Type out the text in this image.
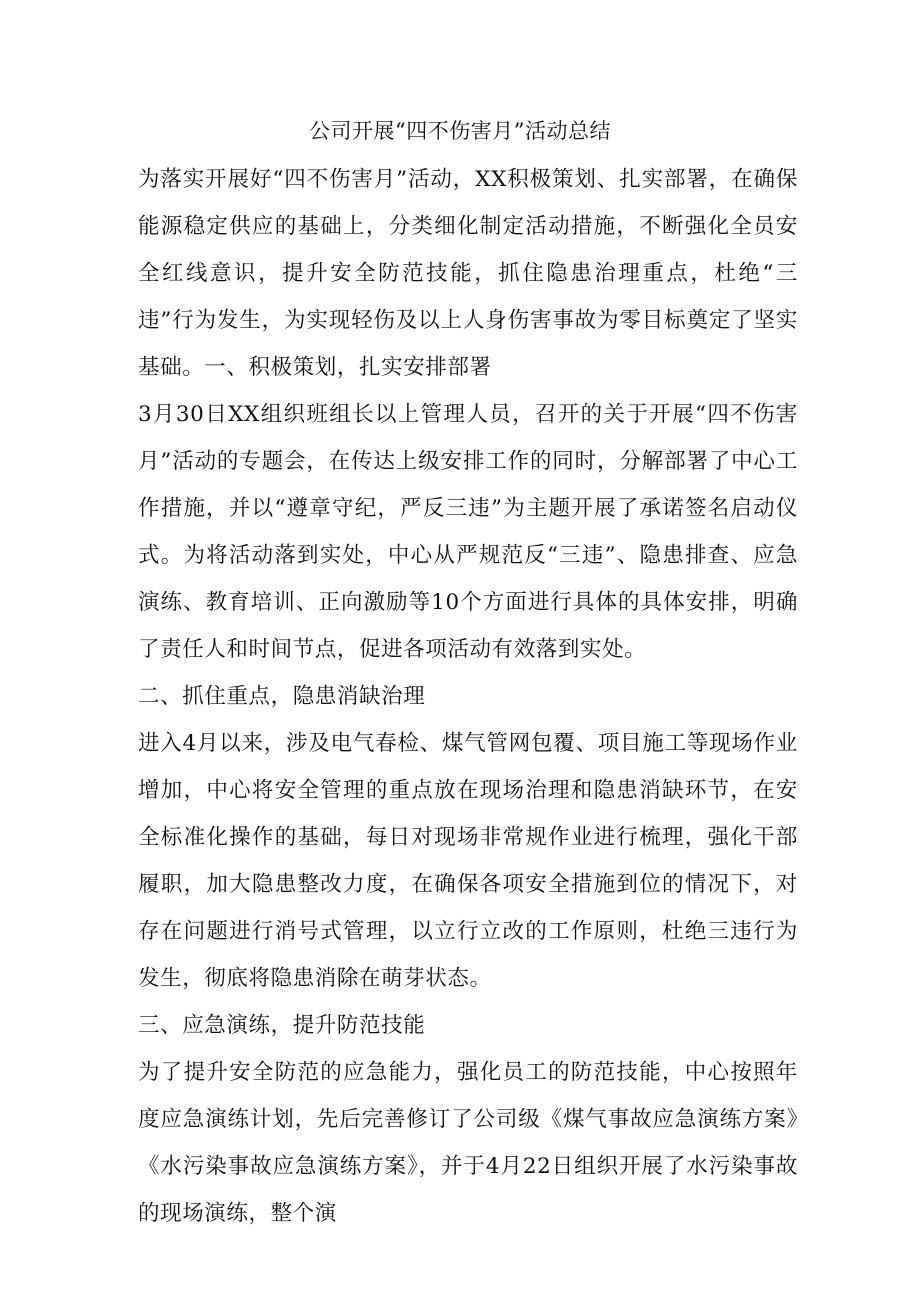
公司开展“四不伤害月”活动总结

为落实开展好“四不伤害月”活动，XX积极策划、扎实部署，在确保能源稳定供应的基础上，分类细化制定活动措施，不断强化全员安全红线意识，提升安全防范技能，抓住隐患治理重点，杜绝“三违”行为发生，为实现轻伤及以上人身伤害事故为零目标奠定了坚实基础。一、积极策划，扎实安排部署

3月30日XX组织班组长以上管理人员，召开的关于开展“四不伤害月”活动的专题会，在传达上级安排工作的同时，分解部署了中心工作措施，并以“遵章守纪，严反三违”为主题开展了承诺签名启动仪式。为将活动落到实处，中心从严规范反“三违”、隐患排查、应急演练、教育培训、正向激励等10个方面进行具体的具体安排，明确了责任人和时间节点，促进各项活动有效落到实处。

二、抓住重点，隐患消缺治理

进入4月以来，涉及电气春检、煤气管网包覆、项目施工等现场作业增加，中心将安全管理的重点放在现场治理和隐患消缺环节，在安全标准化操作的基础，每日对现场非常规作业进行梳理，强化干部履职，加大隐患整改力度，在确保各项安全措施到位的情况下，对存在问题进行消号式管理，以立行立改的工作原则，杜绝三违行为发生，彻底将隐患消除在萌芽状态。

三、应急演练，提升防范技能

为了提升安全防范的应急能力，强化员工的防范技能，中心按照年度应急演练计划，先后完善修订了公司级《煤气事故应急演练方案》《水污染事故应急演练方案》，并于4月22日组织开展了水污染事故的现场演练，整个演
